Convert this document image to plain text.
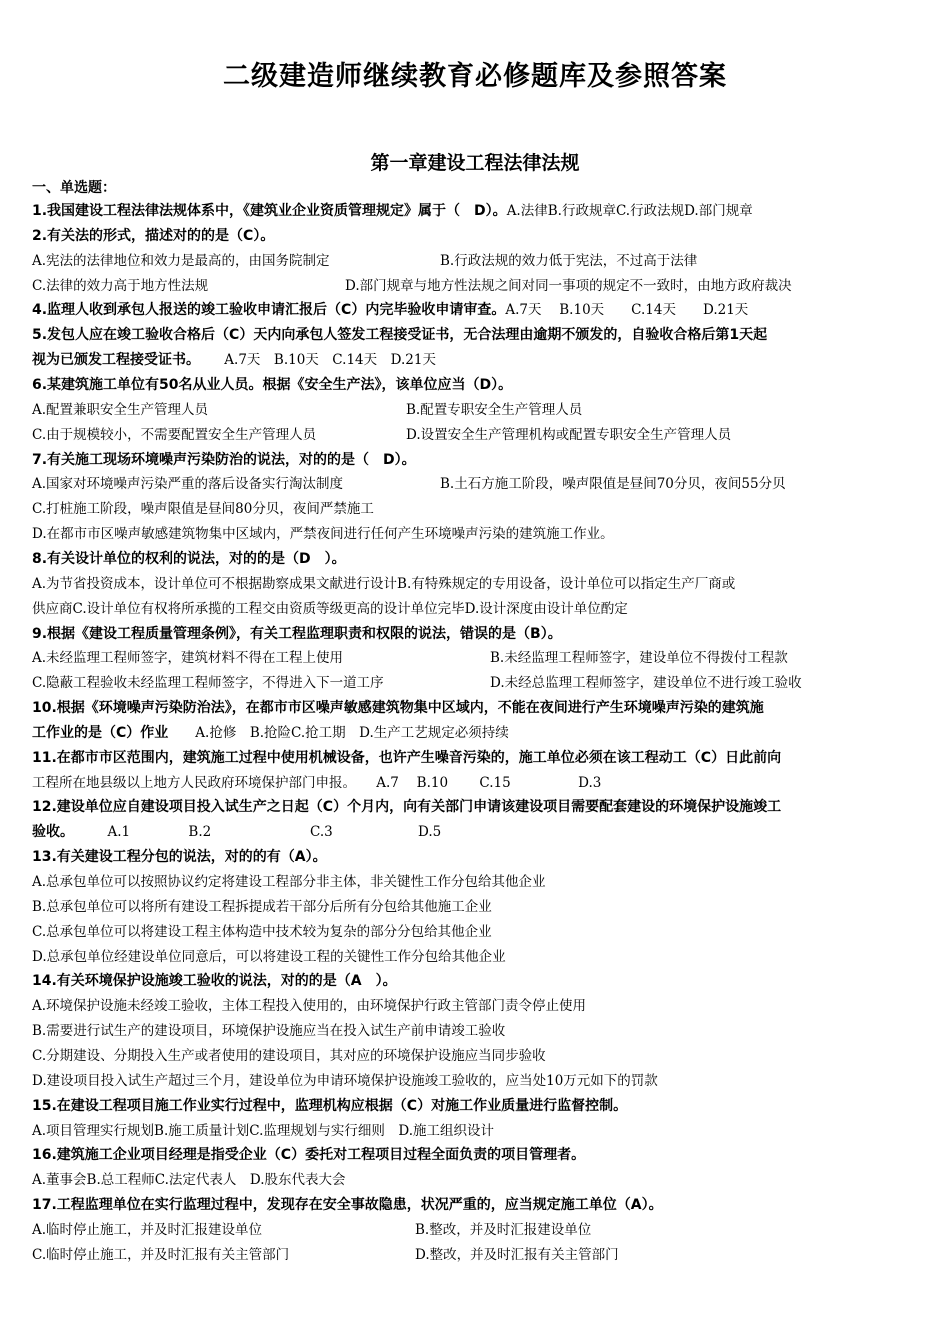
二级建造师继续教育必修题库及参照答案
第一章建设工程法律法规
一、单选题：
1.我国建设工程法律法规体系中，《建筑业企业资质管理规定》属于（　D）。A.法律B.行政规章C.行政法规D.部门规章
2.有关法的形式，描述对的的是（C）。
A.宪法的法律地位和效力是最高的，由国务院制定	B.行政法规的效力低于宪法，不过高于法律
C.法律的效力高于地方性法规	D.部门规章与地方性法规之间对同一事项的规定不一致时，由地方政府裁决
4.监理人收到承包人报送的竣工验收申请汇报后（C）内完毕验收申请审查。A.7天　 B.10天　　C.14天　　D.21天
5.发包人应在竣工验收合格后（C）天内向承包人签发工程接受证书，无合法理由逾期不颁发的，自验收合格后第1天起
视为已颁发工程接受证书。　　 A.7天　B.10天　C.14天　D.21天
6.某建筑施工单位有50名从业人员。根据《安全生产法》，该单位应当（D）。
A.配置兼职安全生产管理人员	B.配置专职安全生产管理人员
C.由于规模较小，不需要配置安全生产管理人员	D.设置安全生产管理机构或配置专职安全生产管理人员
7.有关施工现场环境噪声污染防治的说法，对的的是（　D）。
A.国家对环境噪声污染严重的落后设备实行淘汰制度	B.土石方施工阶段，噪声限值是昼间70分贝，夜间55分贝
C.打桩施工阶段，噪声限值是昼间80分贝，夜间严禁施工
D.在都市市区噪声敏感建筑物集中区域内，严禁夜间进行任何产生环境噪声污染的建筑施工作业。
8.有关设计单位的权利的说法，对的的是（D　）。
A.为节省投资成本，设计单位可不根据勘察成果文献进行设计B.有特殊规定的专用设备，设计单位可以指定生产厂商或
供应商C.设计单位有权将所承揽的工程交由资质等级更高的设计单位完毕D.设计深度由设计单位酌定
9.根据《建设工程质量管理条例》，有关工程监理职责和权限的说法，错误的是（B）。
A.未经监理工程师签字，建筑材料不得在工程上使用	B.未经监理工程师签字，建设单位不得拨付工程款
C.隐蔽工程验收未经监理工程师签字，不得进入下一道工序	D.未经总监理工程师签字，建设单位不进行竣工验收
10.根据《环境噪声污染防治法》，在都市市区噪声敏感建筑物集中区域内，不能在夜间进行产生环境噪声污染的建筑施
工作业的是（C）作业　　A.抢修　B.抢险C.抢工期　D.生产工艺规定必须持续
11.在都市市区范围内，建筑施工过程中使用机械设备，也许产生噪音污染的，施工单位必须在该工程动工（C）日此前向
工程所在地县级以上地方人民政府环境保护部门申报。　　A.7　 B.10　　 C.15　　　　　D.3
12.建设单位应自建设项目投入试生产之日起（C）个月内，向有关部门申请该建设项目需要配套建设的环境保护设施竣工
验收。　　　A.1　　　　 B.2　　　　　　　 C.3　　　　　　 D.5
13.有关建设工程分包的说法，对的的有（A）。
A.总承包单位可以按照协议约定将建设工程部分非主体，非关键性工作分包给其他企业
B.总承包单位可以将所有建设工程拆提成若干部分后所有分包给其他施工企业
C.总承包单位可以将建设工程主体构造中技术较为复杂的部分分包给其他企业
D.总承包单位经建设单位同意后，可以将建设工程的关键性工作分包给其他企业
14.有关环境保护设施竣工验收的说法，对的的是（A　）。
A.环境保护设施未经竣工验收，主体工程投入使用的，由环境保护行政主管部门责令停止使用
B.需要进行试生产的建设项目，环境保护设施应当在投入试生产前申请竣工验收
C.分期建设、分期投入生产或者使用的建设项目，其对应的环境保护设施应当同步验收
D.建设项目投入试生产超过三个月，建设单位为申请环境保护设施竣工验收的，应当处10万元如下的罚款
15.在建设工程项目施工作业实行过程中，监理机构应根据（C）对施工作业质量进行监督控制。
A.项目管理实行规划B.施工质量计划C.监理规划与实行细则　D.施工组织设计
16.建筑施工企业项目经理是指受企业（C）委托对工程项目过程全面负责的项目管理者。
A.董事会B.总工程师C.法定代表人　D.股东代表大会
17.工程监理单位在实行监理过程中，发现存在安全事故隐患，状况严重的，应当规定施工单位（A）。
A.临时停止施工，并及时汇报建设单位	B.整改，并及时汇报建设单位
C.临时停止施工，并及时汇报有关主管部门	D.整改，并及时汇报有关主管部门
